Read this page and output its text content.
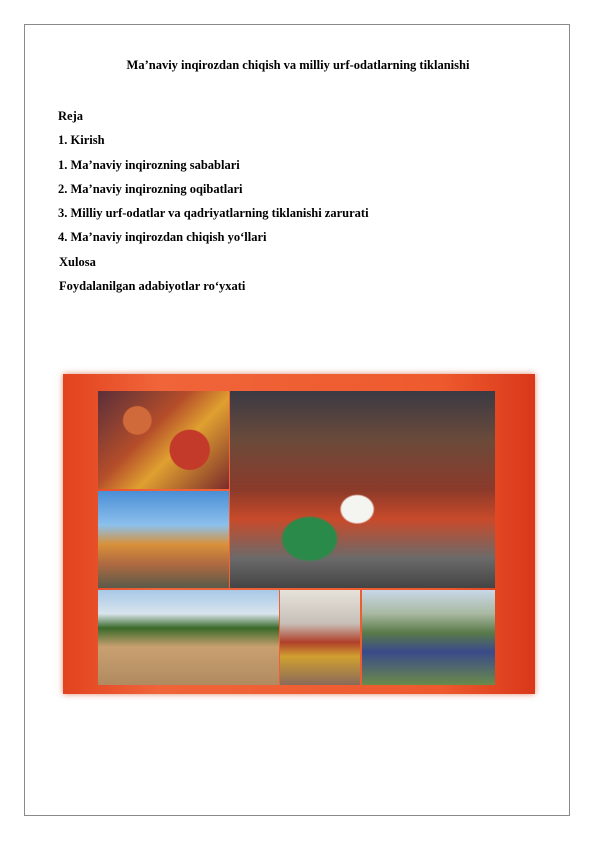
Ma’naviy inqirozdan chiqish va milliy urf-odatlarning tiklanishi
Reja
1. Kirish
1. Ma’naviy inqirozning sabablari
2. Ma’naviy inqirozning oqibatlari
3. Milliy urf-odatlar va qadriyatlarning tiklanishi zarurati
4. Ma’naviy inqirozdan chiqish yo‘llari
Xulosa
Foydalanilgan adabiyotlar ro‘yxati
